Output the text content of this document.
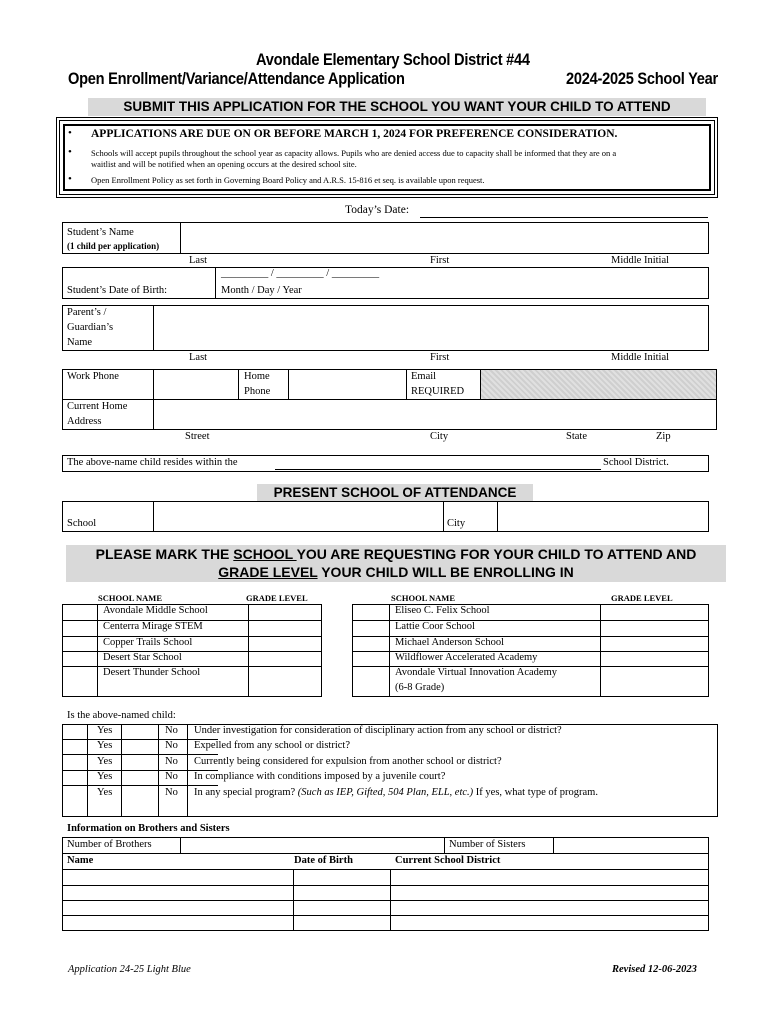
Avondale Elementary School District #44
Open Enrollment/Variance/Attendance Application	2024-2025 School Year
SUBMIT THIS APPLICATION FOR THE SCHOOL YOU WANT YOUR CHILD TO ATTEND
• APPLICATIONS ARE DUE ON OR BEFORE MARCH 1, 2024 FOR PREFERENCE CONSIDERATION.
• Schools will accept pupils throughout the school year as capacity allows. Pupils who are denied access due to capacity shall be informed that they are on a
waitlist and will be notified when an opening occurs at the desired school site.
• Open Enrollment Policy as set forth in Governing Board Policy and A.R.S. 15-816 et seq. is available upon request.
Today’s Date:
Student’s Name
(1 child per application)
Last	First	Middle Initial
Student’s Date of Birth:
_________ / _________ / _________
Month / Day / Year
Parent’s /
Guardian’s
Name
Last	First	Middle Initial
Work Phone	Home
Phone
Email
REQUIRED
Current Home
Address
Street	City	State	Zip
The above-name child resides within the	School District.
PRESENT SCHOOL OF ATTENDANCE
School	City
PLEASE MARK THE SCHOOL YOU ARE REQUESTING FOR YOUR CHILD TO ATTEND AND
GRADE LEVEL YOUR CHILD WILL BE ENROLLING IN
SCHOOL NAME	GRADE LEVEL
Avondale Middle School
Centerra Mirage STEM
Copper Trails School
Desert Star School
Desert Thunder School
SCHOOL NAME	GRADE LEVEL
Eliseo C. Felix School
Lattie Coor School
Michael Anderson School
Wildflower Accelerated Academy
Avondale Virtual Innovation Academy
(6-8 Grade)
Is the above-named child:
Yes	No Under investigation for consideration of disciplinary action from any school or district?
Yes	No Expelled from any school or district?
Yes	No Currently being considered for expulsion from another school or district?
Yes	No In compliance with conditions imposed by a juvenile court?
Yes	No In any special program? (Such as IEP, Gifted, 504 Plan, ELL, etc.) If yes, what type of program.
Information on Brothers and Sisters
Number of Brothers	Number of Sisters
Name	Date of Birth	Current School District
Application 24-25 Light Blue	Revised 12-06-2023
